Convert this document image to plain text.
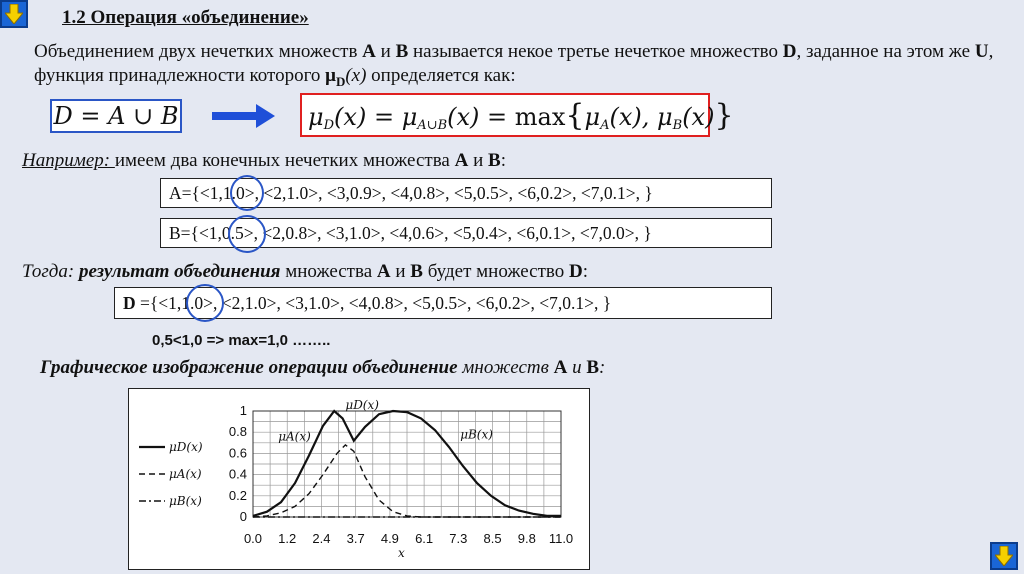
1.2 Операция «объединение»
Объединением двух нечетких множеств A и B называется некое третье нечеткое множество D, заданное на этом же U, функция принадлежности которого $\mu_D(x)$ определяется как:
D = A ∪ B	$\mu_D(x) = \mu_{A\cup B}(x) = \max\{\mu_A(x)$, $\mu_B(x)$}
Например: имеем два конечных нечетких множества A и B:
A={<1,1.0>, <2,1.0>, <3,0.9>, <4,0.8>, <5,0.5>, <6,0.2>, <7,0.1>, }
B={<1,0.5>, <2,0.8>, <3,1.0>, <4,0.6>, <5,0.4>, <6,0.1>, <7,0.0>, }
Тогда: результат объединения множества A и B будет множество D:
D ={<1,1.0>, <2,1.0>, <3,1.0>, <4,0.8>, <5,0.5>, <6,0.2>, <7,0.1>, }
0,5<1,0 => max=1,0 ……..
Графическое изображение операции объединение множеств A и B:
0
0.2
0.4
0.6
0.8
1
0.0 1.2 2.4 3.7 4.9 6.1 7.3 8.5 9.8 11.0
x
μD(x)
μA(x)
μB(x)
μD(x)
μA(x)	μB(x)
